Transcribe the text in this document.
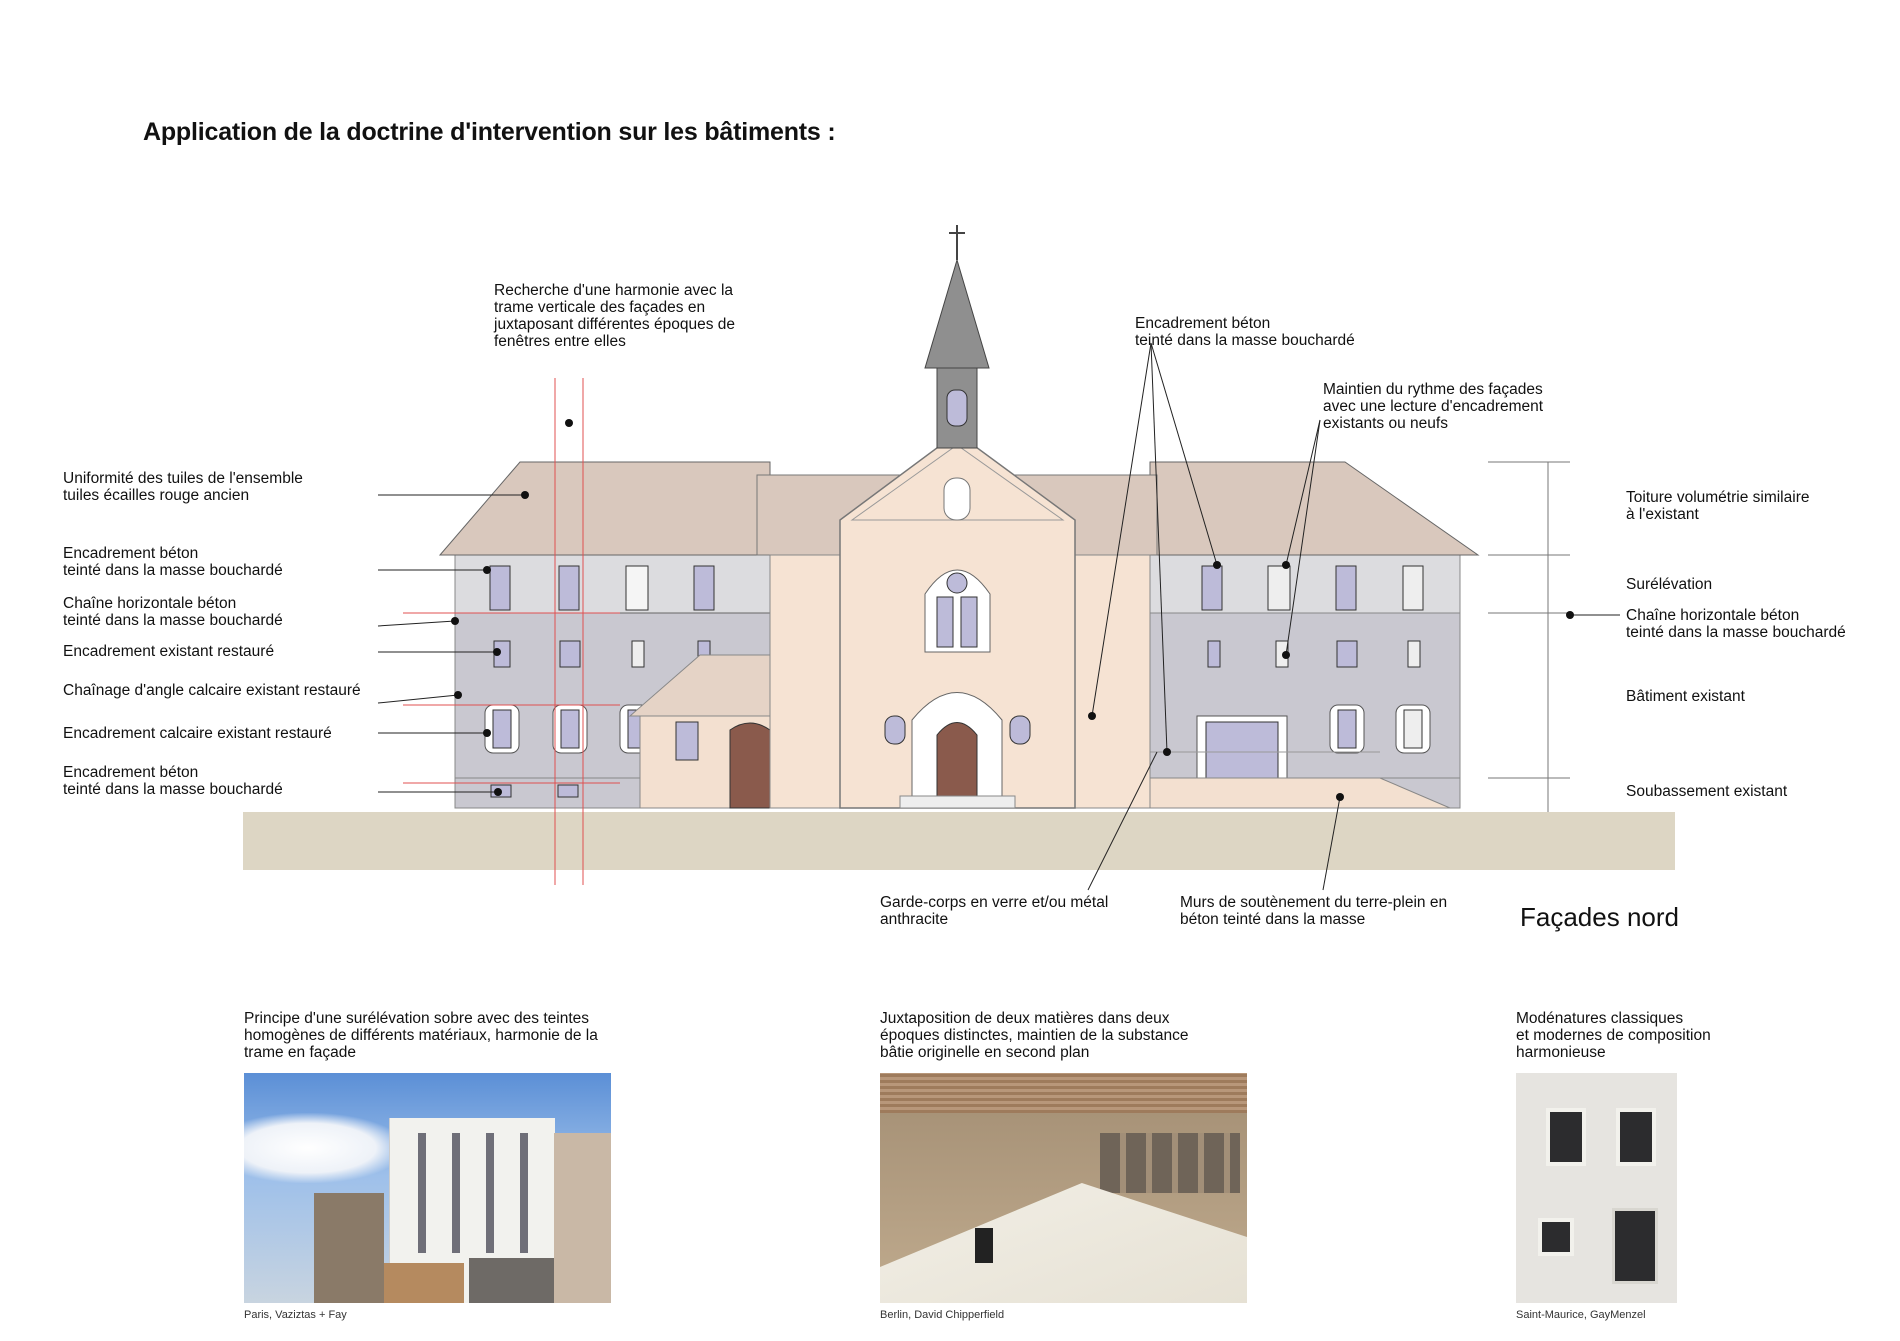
Application de la doctrine d'intervention sur les bâtiments :
Recherche d'une harmonie avec la
trame verticale des façades en
juxtaposant différentes époques de
fenêtres entre elles
Encadrement béton
teinté dans la masse bouchardé
Maintien du rythme des façades
avec une lecture d'encadrement
existants ou neufs
Uniformité des tuiles de l'ensemble
tuiles écailles rouge ancien
Encadrement béton
teinté dans la masse bouchardé
Chaîne horizontale béton
teinté dans la masse bouchardé
Encadrement existant restauré
Chaînage d'angle calcaire existant restauré
Encadrement calcaire existant restauré
Encadrement béton
teinté dans la masse bouchardé
Toiture volumétrie similaire
à l'existant
Surélévation
Chaîne horizontale béton
teinté dans la masse bouchardé
Bâtiment existant
Soubassement existant
Garde-corps en verre et/ou métal
anthracite
Murs de soutènement du terre-plein en
béton teinté dans la masse	Façades nord
Principe d'une surélévation sobre avec des teintes
homogènes de différents matériaux, harmonie de la
trame en façade
Paris, Vaziztas + Fay
Juxtaposition de deux matières dans deux
époques distinctes, maintien de la substance
bâtie originelle en second plan
Berlin, David Chipperfield
Modénatures classiques
et modernes de composition
harmonieuse
Saint-Maurice, GayMenzel
